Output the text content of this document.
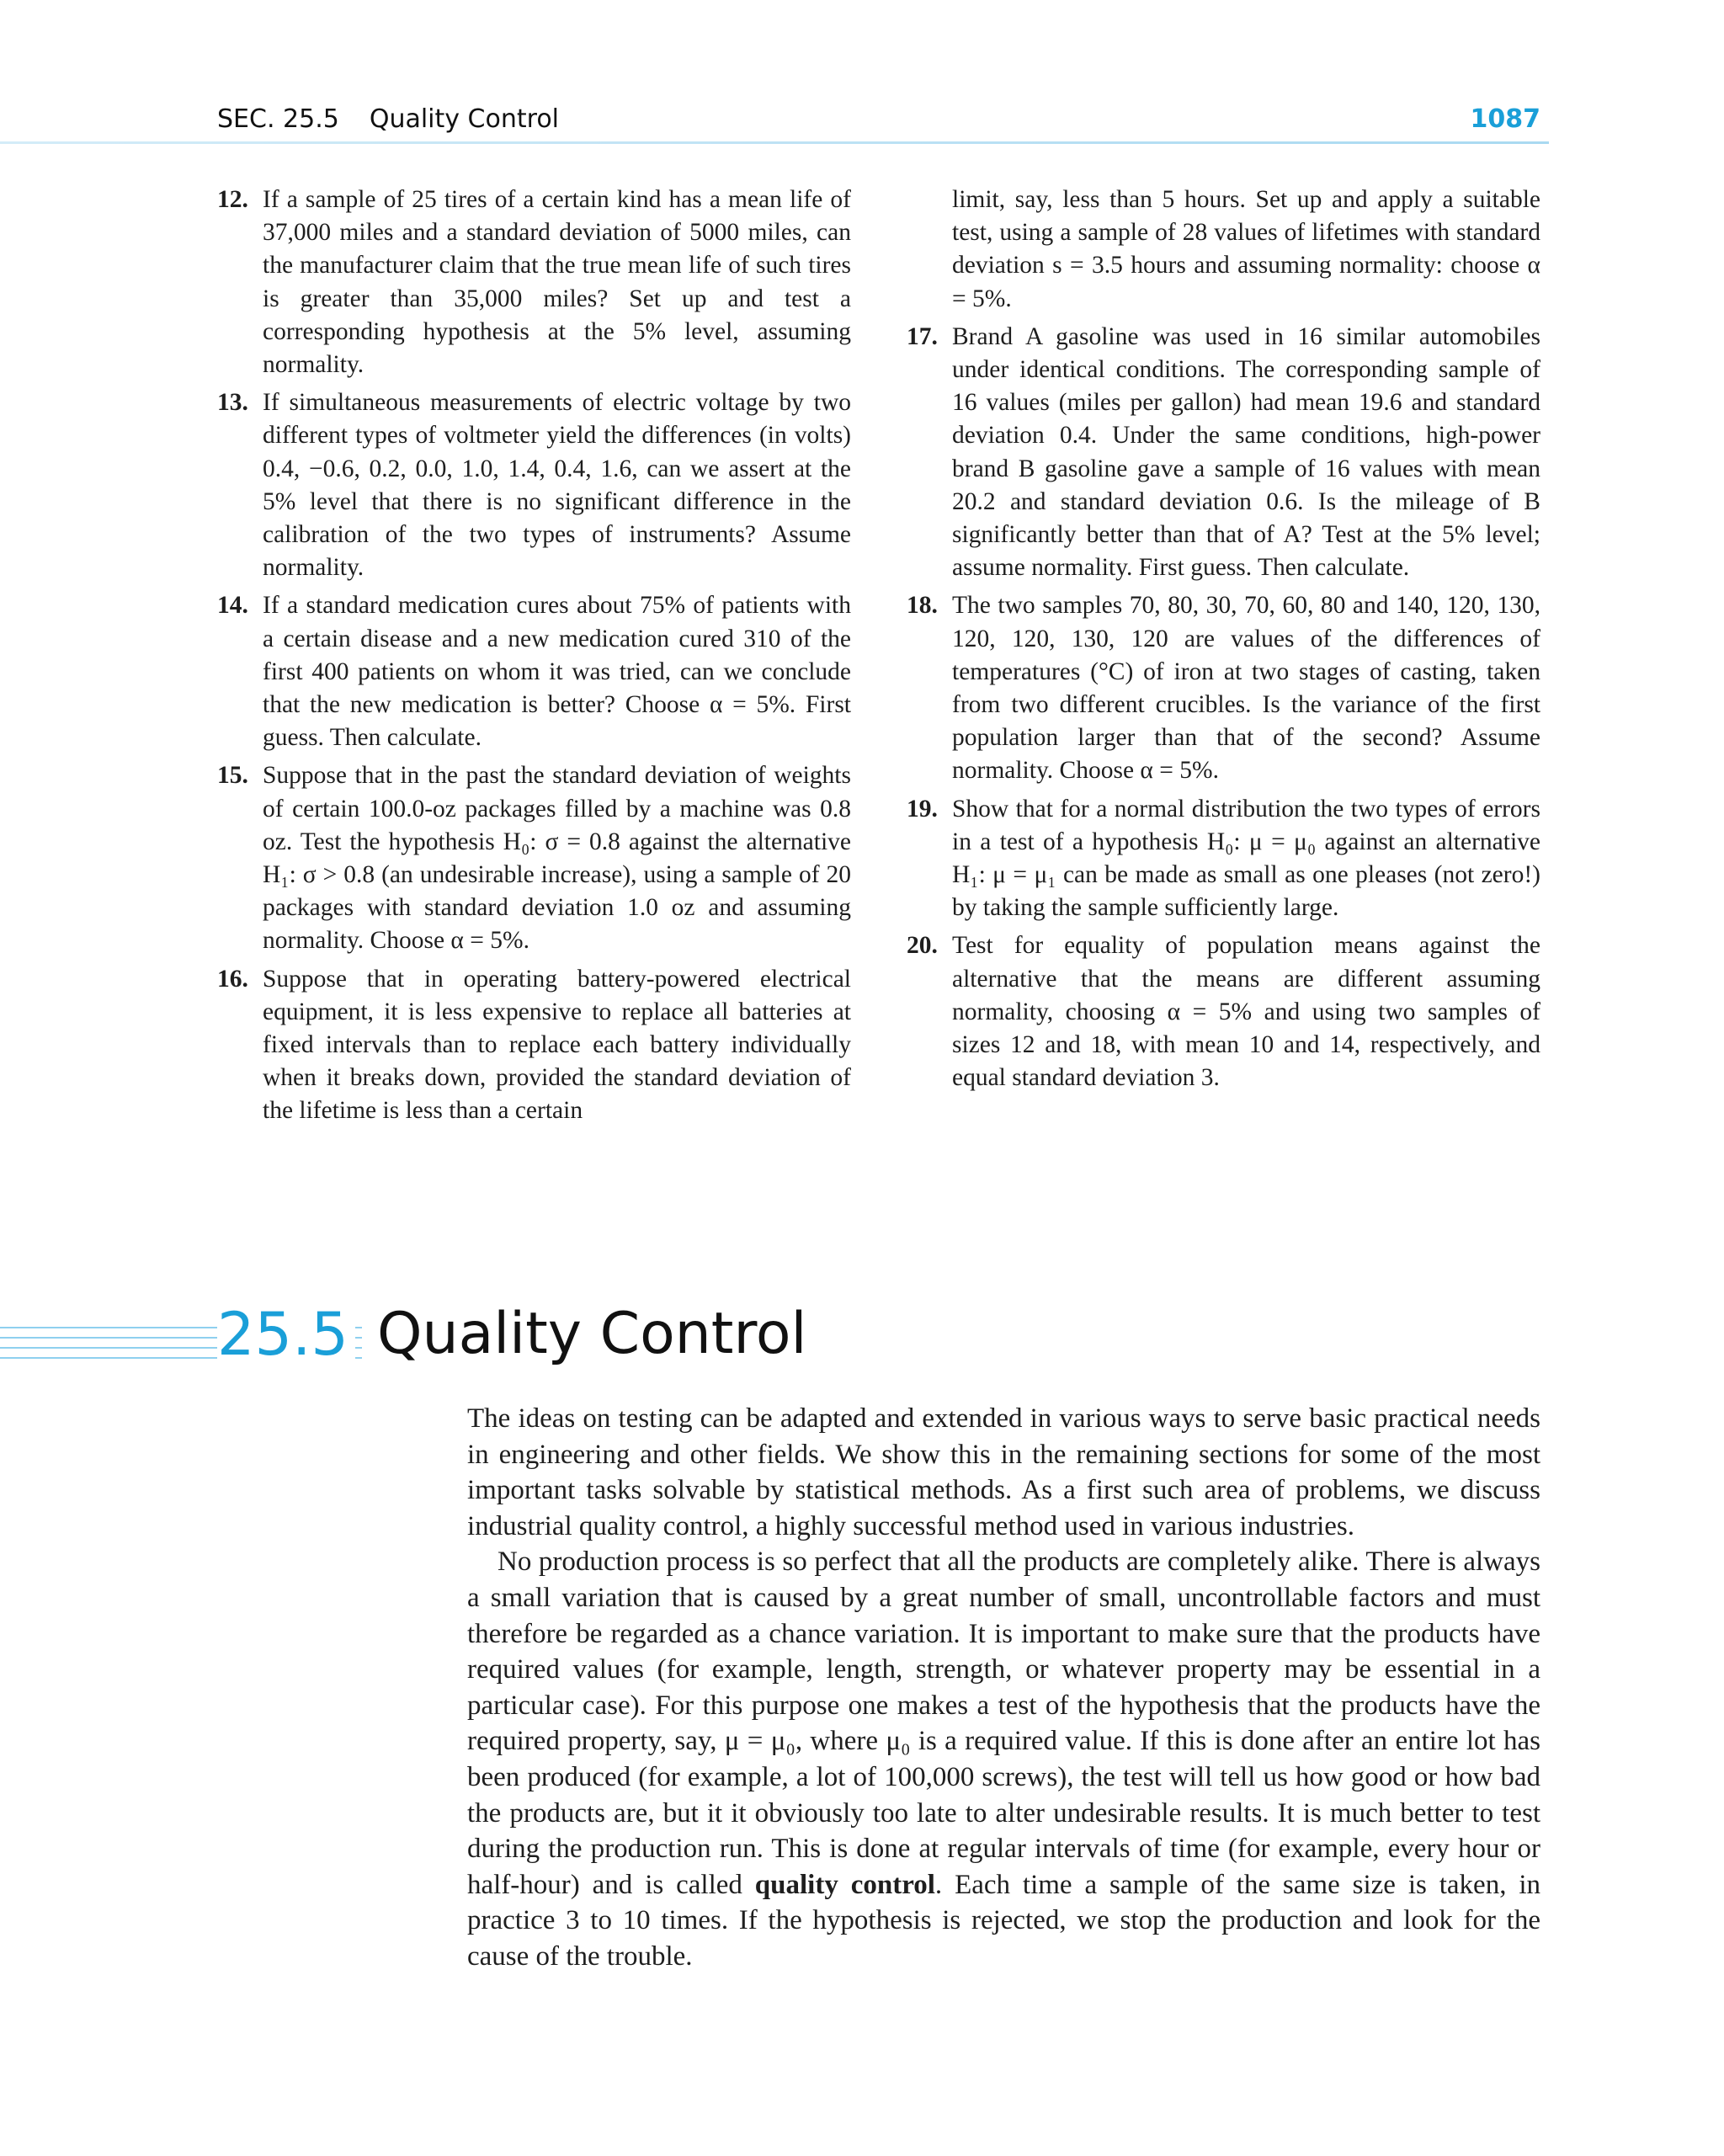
SEC. 25.5 Quality Control	1087
12. If a sample of 25 tires of a certain kind has a mean life of 37,000 miles and a standard deviation of 5000 miles, can the manufacturer claim that the true mean life of such tires is greater than 35,000 miles? Set up and test a corresponding hypothesis at the 5% level, assuming normality.
13. If simultaneous measurements of electric voltage by two different types of voltmeter yield the differences (in volts) 0.4, −0.6, 0.2, 0.0, 1.0, 1.4, 0.4, 1.6, can we assert at the 5% level that there is no significant difference in the calibration of the two types of instruments? Assume normality.
14. If a standard medication cures about 75% of patients with a certain disease and a new medication cured 310 of the first 400 patients on whom it was tried, can we conclude that the new medication is better? Choose α = 5%. First guess. Then calculate.
15. Suppose that in the past the standard deviation of weights of certain 100.0-oz packages filled by a machine was 0.8 oz. Test the hypothesis H₀: σ = 0.8 against the alternative H₁: σ > 0.8 (an undesirable increase), using a sample of 20 packages with standard deviation 1.0 oz and assuming normality. Choose α = 5%.
16. Suppose that in operating battery-powered electrical equipment, it is less expensive to replace all batteries at fixed intervals than to replace each battery individually when it breaks down, provided the standard deviation of the lifetime is less than a certain
limit, say, less than 5 hours. Set up and apply a suitable test, using a sample of 28 values of lifetimes with standard deviation s = 3.5 hours and assuming normality: choose α = 5%.
17. Brand A gasoline was used in 16 similar automobiles under identical conditions. The corresponding sample of 16 values (miles per gallon) had mean 19.6 and standard deviation 0.4. Under the same conditions, high-power brand B gasoline gave a sample of 16 values with mean 20.2 and standard deviation 0.6. Is the mileage of B significantly better than that of A? Test at the 5% level; assume normality. First guess. Then calculate.
18. The two samples 70, 80, 30, 70, 60, 80 and 140, 120, 130, 120, 120, 130, 120 are values of the differences of temperatures (°C) of iron at two stages of casting, taken from two different crucibles. Is the variance of the first population larger than that of the second? Assume normality. Choose α = 5%.
19. Show that for a normal distribution the two types of errors in a test of a hypothesis H₀: μ = μ₀ against an alternative H₁: μ = μ₁ can be made as small as one pleases (not zero!) by taking the sample sufficiently large.
20. Test for equality of population means against the alternative that the means are different assuming normality, choosing α = 5% and using two samples of sizes 12 and 18, with mean 10 and 14, respectively, and equal standard deviation 3.
25.5 Quality Control

The ideas on testing can be adapted and extended in various ways to serve basic practical needs in engineering and other fields. We show this in the remaining sections for some of the most important tasks solvable by statistical methods. As a first such area of problems, we discuss industrial quality control, a highly successful method used in various industries.

No production process is so perfect that all the products are completely alike. There is always a small variation that is caused by a great number of small, uncontrollable factors and must therefore be regarded as a chance variation. It is important to make sure that the products have required values (for example, length, strength, or whatever property may be essential in a particular case). For this purpose one makes a test of the hypothesis that the products have the required property, say, μ = μ₀, where μ₀ is a required value. If this is done after an entire lot has been produced (for example, a lot of 100,000 screws), the test will tell us how good or how bad the products are, but it it obviously too late to alter undesirable results. It is much better to test during the production run. This is done at regular intervals of time (for example, every hour or half-hour) and is called quality control. Each time a sample of the same size is taken, in practice 3 to 10 times. If the hypothesis is rejected, we stop the production and look for the cause of the trouble.
